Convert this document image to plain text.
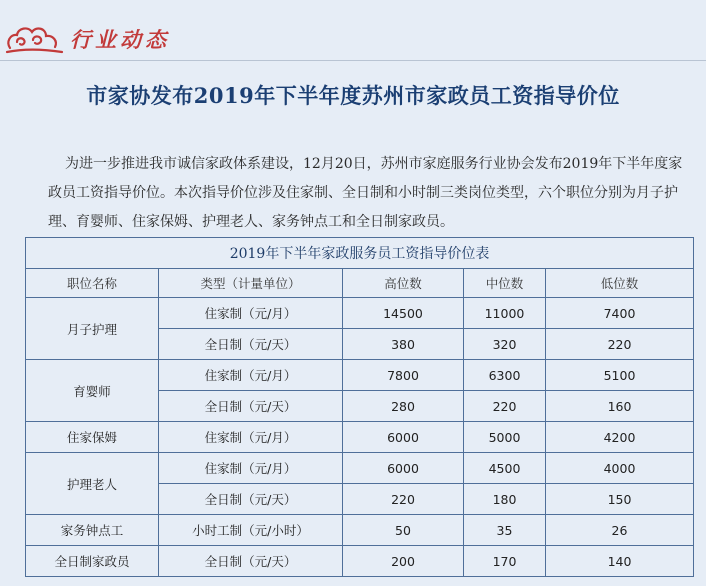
行业动态
市家协发布2019年下半年度苏州市家政员工资指导价位
为进一步推进我市诚信家政体系建设，12月20日，苏州市家庭服务行业协会发布2019年下半年度家政员工资指导价位。本次指导价位涉及住家制、全日制和小时制三类岗位类型，六个职位分别为月子护理、育婴师、住家保姆、护理老人、家务钟点工和全日制家政员。
2019年下半年家政服务员工资指导价位表				
职位名称	类型（计量单位）	高位数	中位数	低位数
月子护理	住家制（元/月）	14500	11000	7400
	全日制（元/天）	380	320	220
育婴师	住家制（元/月）	7800	6300	5100
	全日制（元/天）	280	220	160
住家保姆	住家制（元/月）	6000	5000	4200
护理老人	住家制（元/月）	6000	4500	4000
	全日制（元/天）	220	180	150
家务钟点工	小时工制（元/小时）	50	35	26
全日制家政员	全日制（元/天）	200	170	140
